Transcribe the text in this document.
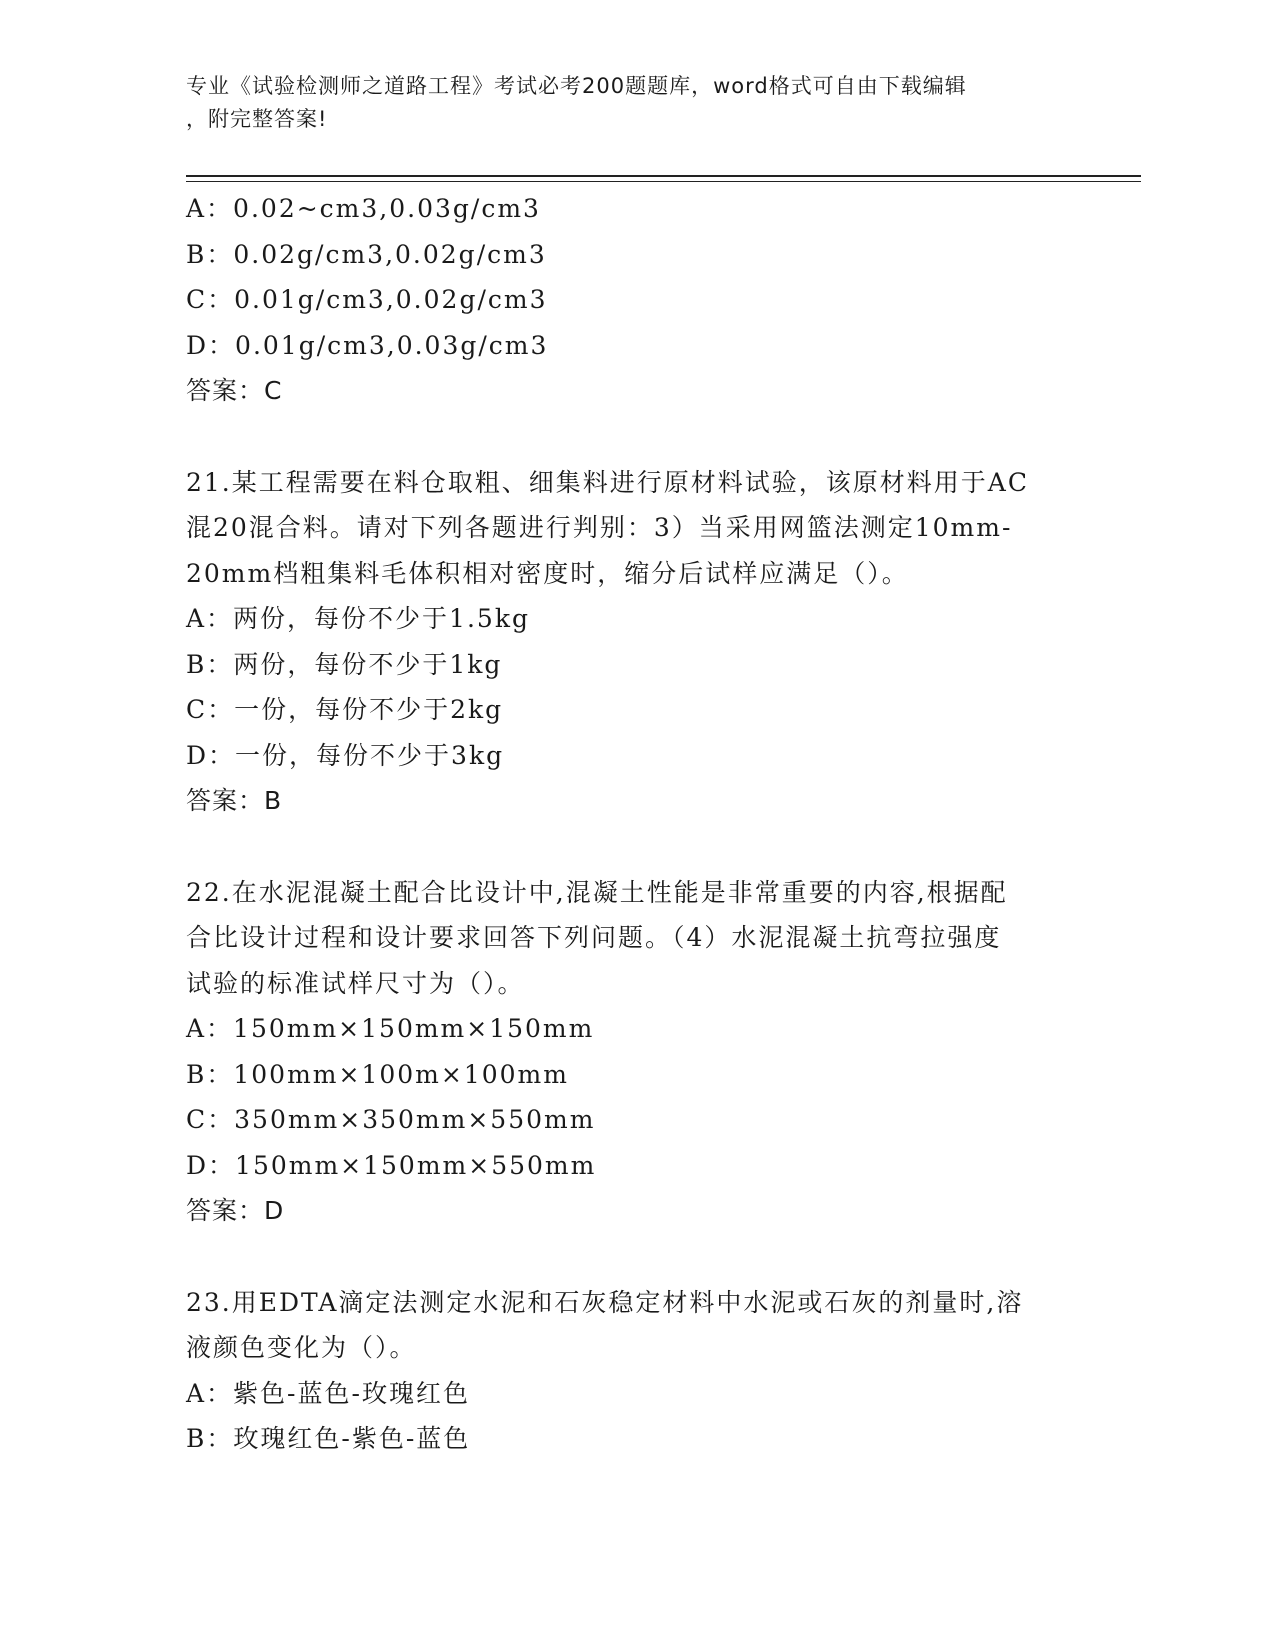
专业《试验检测师之道路工程》考试必考200题题库，word格式可自由下载编辑
，附完整答案!
A：0.02~cm3,0.03g/cm3
B：0.02g/cm3,0.02g/cm3
C：0.01g/cm3,0.02g/cm3
D：0.01g/cm3,0.03g/cm3
答案：C
21.某工程需要在料仓取粗、细集料进行原材料试验，该原材料用于AC
混20混合料。请对下列各题进行判别：3）当采用网篮法测定10mm-
20mm档粗集料毛体积相对密度时，缩分后试样应满足（）。
A：两份，每份不少于1.5kg
B：两份，每份不少于1kg
C：一份，每份不少于2kg
D：一份，每份不少于3kg
答案：B
22.在水泥混凝土配合比设计中,混凝土性能是非常重要的内容,根据配
合比设计过程和设计要求回答下列问题。（4）水泥混凝土抗弯拉强度
试验的标准试样尺寸为（）。
A：150mm×150mm×150mm
B：100mm×100m×100mm
C：350mm×350mm×550mm
D：150mm×150mm×550mm
答案：D
23.用EDTA滴定法测定水泥和石灰稳定材料中水泥或石灰的剂量时,溶
液颜色变化为（）。
A：紫色-蓝色-玫瑰红色
B：玫瑰红色-紫色-蓝色
